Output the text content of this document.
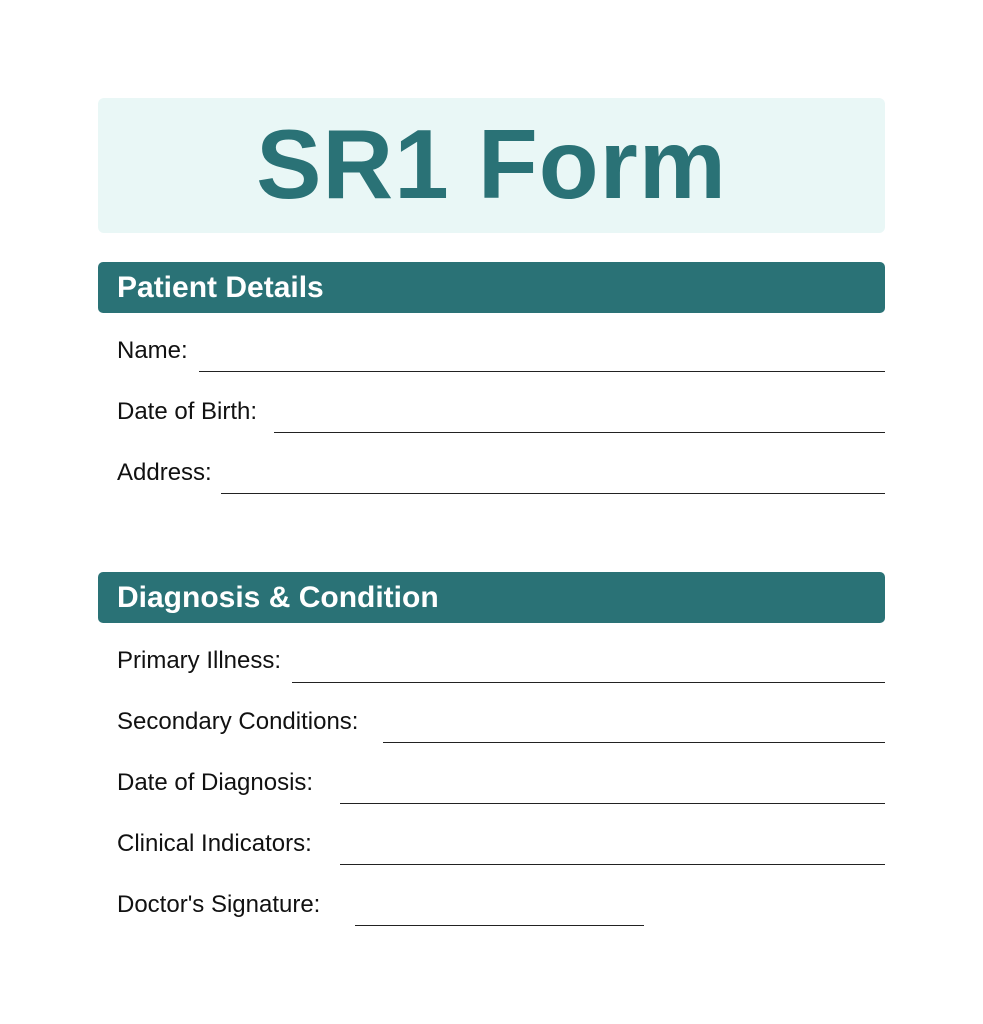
SR1 Form
Patient Details
Name:
Date of Birth:
Address:
Diagnosis & Condition
Primary Illness:
Secondary Conditions:
Date of Diagnosis:
Clinical Indicators:
Doctor's Signature:
